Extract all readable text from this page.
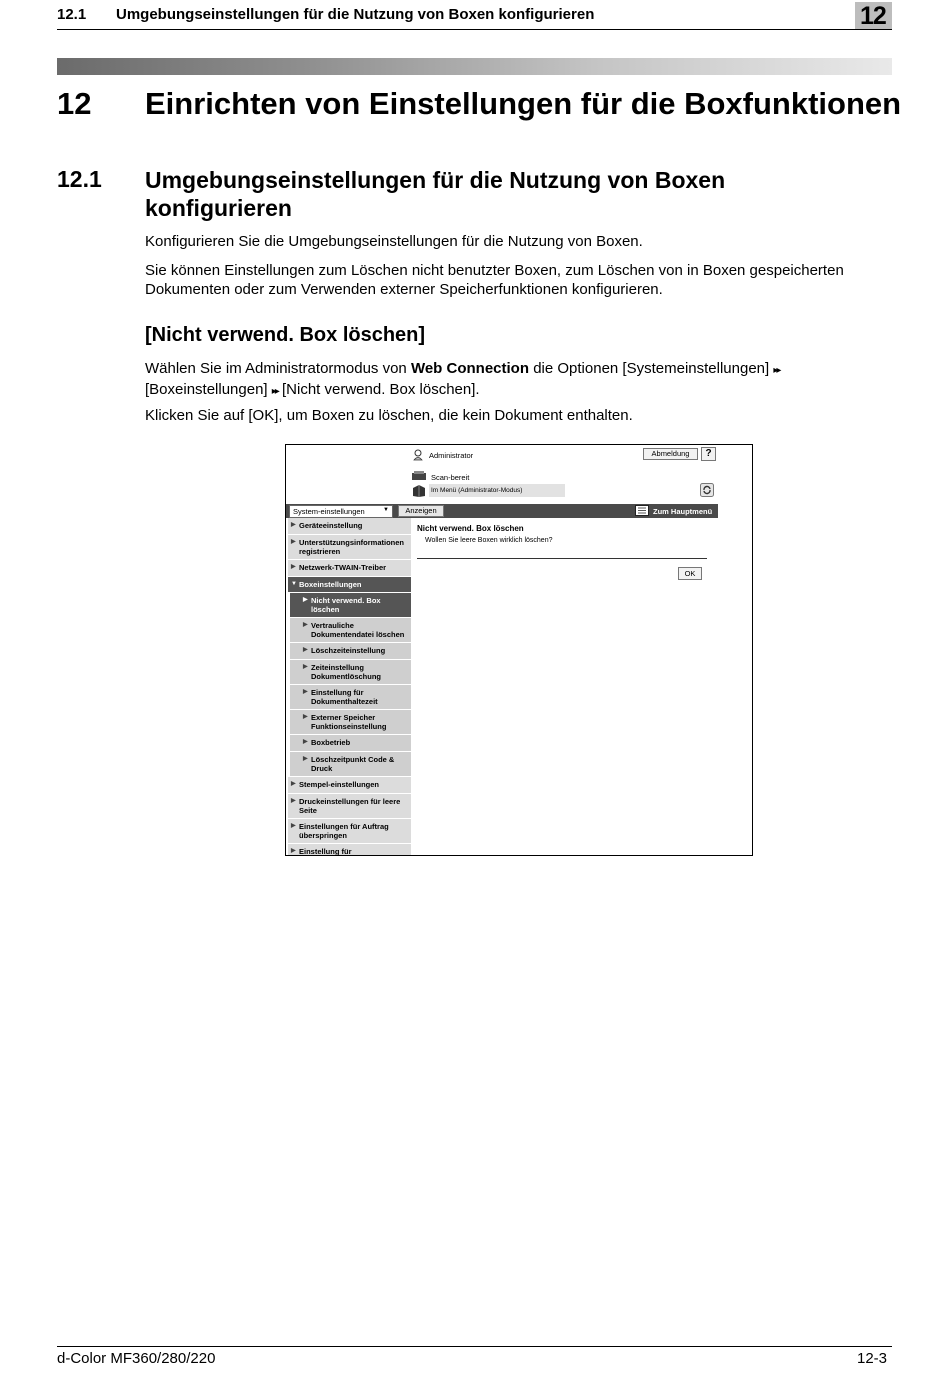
12.1 Umgebungseinstellungen für die Nutzung von Boxen konfigurieren	12
12 Einrichten von Einstellungen für die Boxfunktionen
12.1 Umgebungseinstellungen für die Nutzung von Boxen konfigurieren
Konfigurieren Sie die Umgebungseinstellungen für die Nutzung von Boxen.
Sie können Einstellungen zum Löschen nicht benutzter Boxen, zum Löschen von in Boxen gespeicherten Dokumenten oder zum Verwenden externer Speicherfunktionen konfigurieren.
[Nicht verwend. Box löschen]
Wählen Sie im Administratormodus von Web Connection die Optionen [Systemeinstellungen] ▸▸
[Boxeinstellungen] ▸▸ [Nicht verwend. Box löschen].
Klicken Sie auf [OK], um Boxen zu löschen, die kein Dokument enthalten.
Administrator	Abmeldung	?
Scan-bereit
Im Menü (Administrator-Modus)
System-einstellungen	▼	Anzeigen	Zum Hauptmenü
▶ Geräteeinstellung
▶ Unterstützungsinformationen registrieren
▶ Netzwerk-TWAIN-Treiber
▼ Boxeinstellungen
▶ Nicht verwend. Box löschen
▶ Vertrauliche Dokumentendatei löschen
▶ Löschzeiteinstellung
▶ Zeiteinstellung Dokumentlöschung
▶ Einstellung für Dokumenthaltezeit
▶ Externer Speicher Funktionseinstellung
▶ Boxbetrieb
▶ Löschzeitpunkt Code & Druck
▶ Stempel-einstellungen
▶ Druckeinstellungen für leere Seite
▶ Einstellungen für Auftrag überspringen
▶ Einstellung für
Nicht verwend. Box löschen
Wollen Sie leere Boxen wirklich löschen?
OK
d-Color MF360/280/220	12-3
